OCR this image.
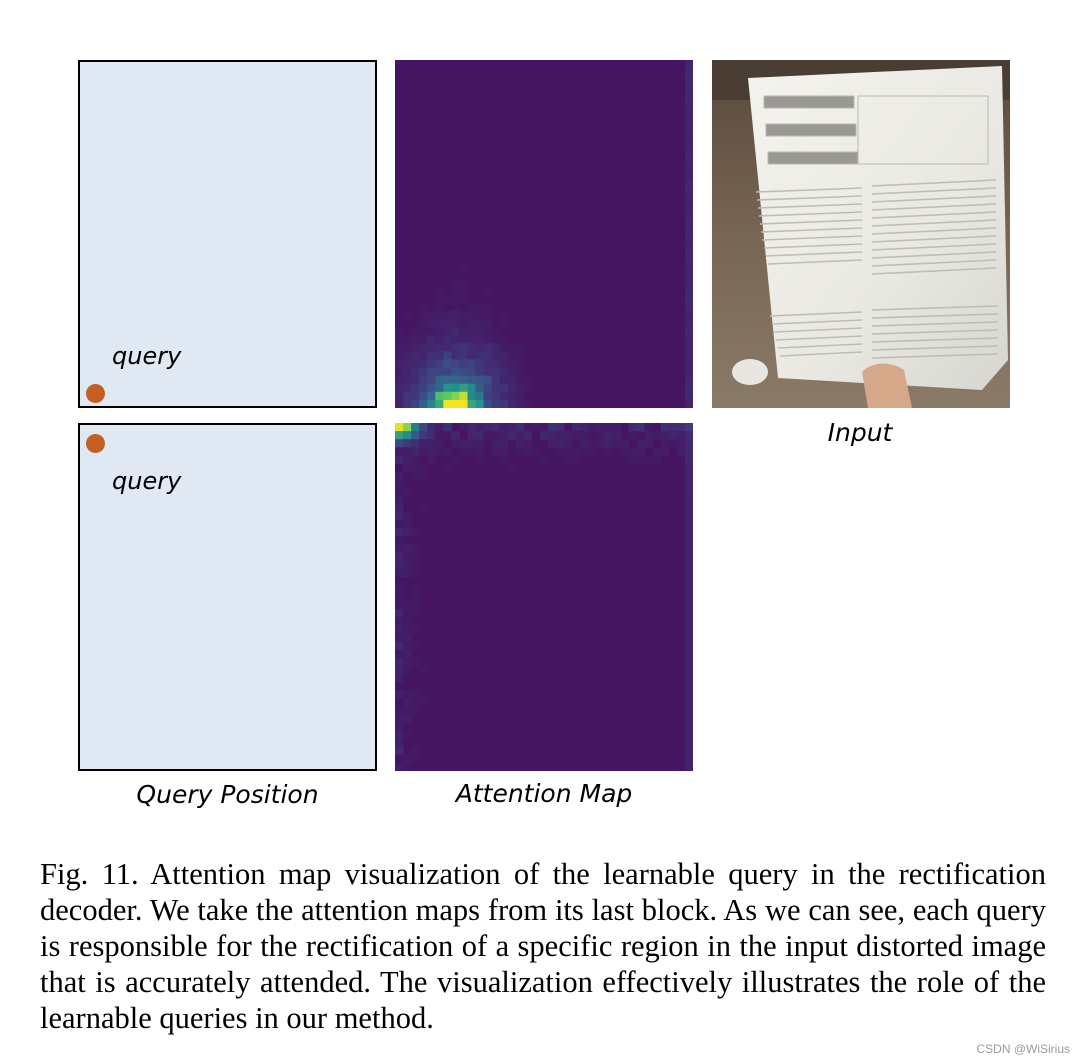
query
Input
query
Query Position	Attention Map

Fig. 11. Attention map visualization of the learnable query in the rectification decoder. We take the attention maps from its last block. As we can see, each query is responsible for the rectification of a specific region in the input distorted image that is accurately attended. The visualization effectively illustrates the role of the learnable queries in our method.

CSDN @WiSirius
